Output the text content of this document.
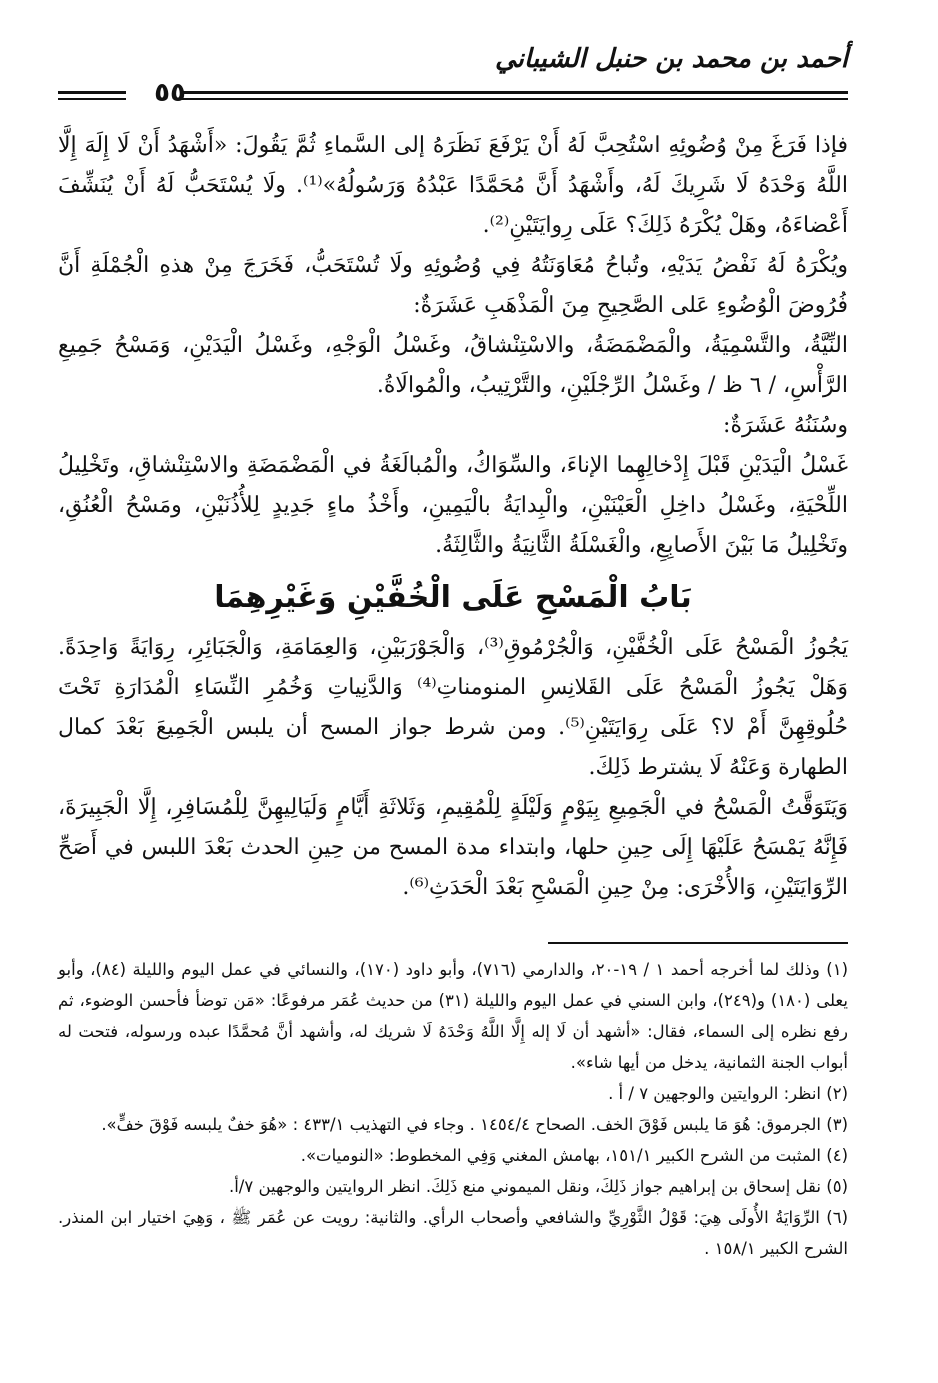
أحمد بن محمد بن حنبل الشيباني
٥٥

فإذا فَرَغَ مِنْ وُضُوئِهِ اسْتُحِبَّ لَهُ أَنْ يَرْفَعَ نَظَرَهُ إلى السَّماءِ ثُمَّ يَقُولَ: «أَشْهَدُ أَنْ لَا إِلَهَ إِلَّا اللَّهُ وَحْدَهُ لَا شَرِيكَ لَهُ، وأَشْهَدُ أَنَّ مُحَمَّدًا عَبْدُهُ وَرَسُولُهُ»⁽¹⁾. ولَا يُسْتَحَبُّ لَهُ أَنْ يُنَشِّفَ أَعْضاءَهُ، وهَلْ يُكْرَهُ ذَلِكَ؟ عَلَى رِوايَتَيْنِ⁽²⁾.

ويُكْرَهُ لَهُ نَفْضُ يَدَيْهِ، وتُباحُ مُعَاوَنَتُهُ فِي وُضُوئِهِ ولَا تُسْتَحَبُّ، فَخَرَجَ مِنْ هذهِ الْجُمْلَةِ أَنَّ فُرُوضَ الْوُضُوءِ عَلى الصَّحِيحِ مِنَ الْمَذْهَبِ عَشَرَةٌ:

النِّيَّةُ، والتَّسْمِيَةُ، والْمَضْمَضَةُ، والاسْتِنْشاقُ، وغَسْلُ الْوَجْهِ، وغَسْلُ الْيَدَيْنِ، وَمَسْحُ جَمِيعِ الرَّأْسِ، / ٦ ظ / وغَسْلُ الرِّجْلَيْنِ، والتَّرْتِيبُ، والْمُوالَاةُ.

وسُنَنُهُ عَشَرَةٌ:

غَسْلُ الْيَدَيْنِ قَبْلَ إِدْخالِهِما الإناءَ، والسِّوَاكُ، والْمُبالَغَةُ في الْمَضْمَضَةِ والاسْتِنْشاقِ، وتَخْلِيلُ اللِّحْيَةِ، وغَسْلُ داخِلِ الْعَيْنَيْنِ، والْبِدايَةُ بالْيَمِينِ، وأَخْذُ ماءٍ جَدِيدٍ لِلأُذُنَيْنِ، ومَسْحُ الْعُنُقِ، وتَخْلِيلُ مَا بَيْنَ الأَصابِعِ، والْغَسْلَةُ الثَّانِيَةُ والثَّالِثَةُ.

بَابُ الْمَسْحِ عَلَى الْخُفَّيْنِ وَغَيْرِهِمَا

يَجُوزُ الْمَسْحُ عَلَى الْخُفَّيْنِ، وَالْجُرْمُوقِ⁽³⁾، وَالْجَوْرَبَيْنِ، وَالعِمَامَةِ، وَالْجَبَائِرِ، رِوَايَةً وَاحِدَةً. وَهَلْ يَجُوزُ الْمَسْحُ عَلَى القَلانِسِ المنومناتِ⁽⁴⁾ وَالدَّنِياتِ وَخُمُرِ النِّسَاءِ الْمُدَارَةِ تَحْتَ حُلُوقِهِنَّ أَمْ لا؟ عَلَى رِوَايَتَيْنِ⁽⁵⁾. ومن شرط جواز المسح أن يلبس الْجَمِيعَ بَعْدَ كمال الطهارة وَعَنْهُ لَا يشترط ذَلِكَ.

وَيَتَوَقَّتُ الْمَسْحُ في الْجَمِيعِ بِيَوْمٍ وَلَيْلَةٍ لِلْمُقِيمِ، وَثَلاثَةِ أَيَّامٍ وَلَيَالِيهِنَّ لِلْمُسَافِرِ، إِلَّا الْجَبِيرَةَ، فَإِنَّهُ يَمْسَحُ عَلَيْهَا إِلَى حِينِ حلها، وابتداء مدة المسح من حِينِ الحدث بَعْدَ اللبس في أَصَحِّ الرِّوَايَتَيْنِ، وَالأُخْرَى: مِنْ حِينِ الْمَسْحِ بَعْدَ الْحَدَثِ⁽⁶⁾.

(١) وذلك لما أخرجه أحمد ١ / ١٩-٢٠، والدارمي (٧١٦)، وأبو داود (١٧٠)، والنسائي في عمل اليوم والليلة (٨٤)، وأبو يعلى (١٨٠) و(٢٤٩)، وابن السني في عمل اليوم والليلة (٣١) من حديث عُمَر مرفوعًا: «مَن توضأ فأحسن الوضوء، ثم رفع نظره إلى السماء، فقال: «أشهد أن لَا إله إِلَّا اللَّهُ وَحْدَهُ لَا شريك له، وأشهد أنَّ مُحمَّدًا عبده ورسوله، فتحت له أبواب الجنة الثمانية، يدخل من أيها شاء».

(٢) انظر: الروايتين والوجهين ٧ / أ .

(٣) الجرموق: هُوَ مَا يلبس فَوْقَ الخف. الصحاح ١٤٥٤/٤ . وجاء في التهذيب ٤٣٣/١ : «هُوَ خفٌ يلبسه فَوْقَ خفٍّ».

(٤) المثبت من الشرح الكبير ١٥١/١، بهامش المغني وَفِي المخطوط: «النوميات».

(٥) نقل إسحاق بن إبراهيم جواز ذَلِكَ، ونقل الميموني منع ذَلِكَ. انظر الروايتين والوجهين ٧/أ.

(٦) الرِّوَايَةُ الأُولَى هِيَ: قَوْلُ الثَّوْرِيِّ والشافعي وأصحاب الرأي. والثانية: رويت عن عُمَر ﷺ ، وَهِيَ اختيار ابن المنذر. الشرح الكبير ١٥٨/١ .
